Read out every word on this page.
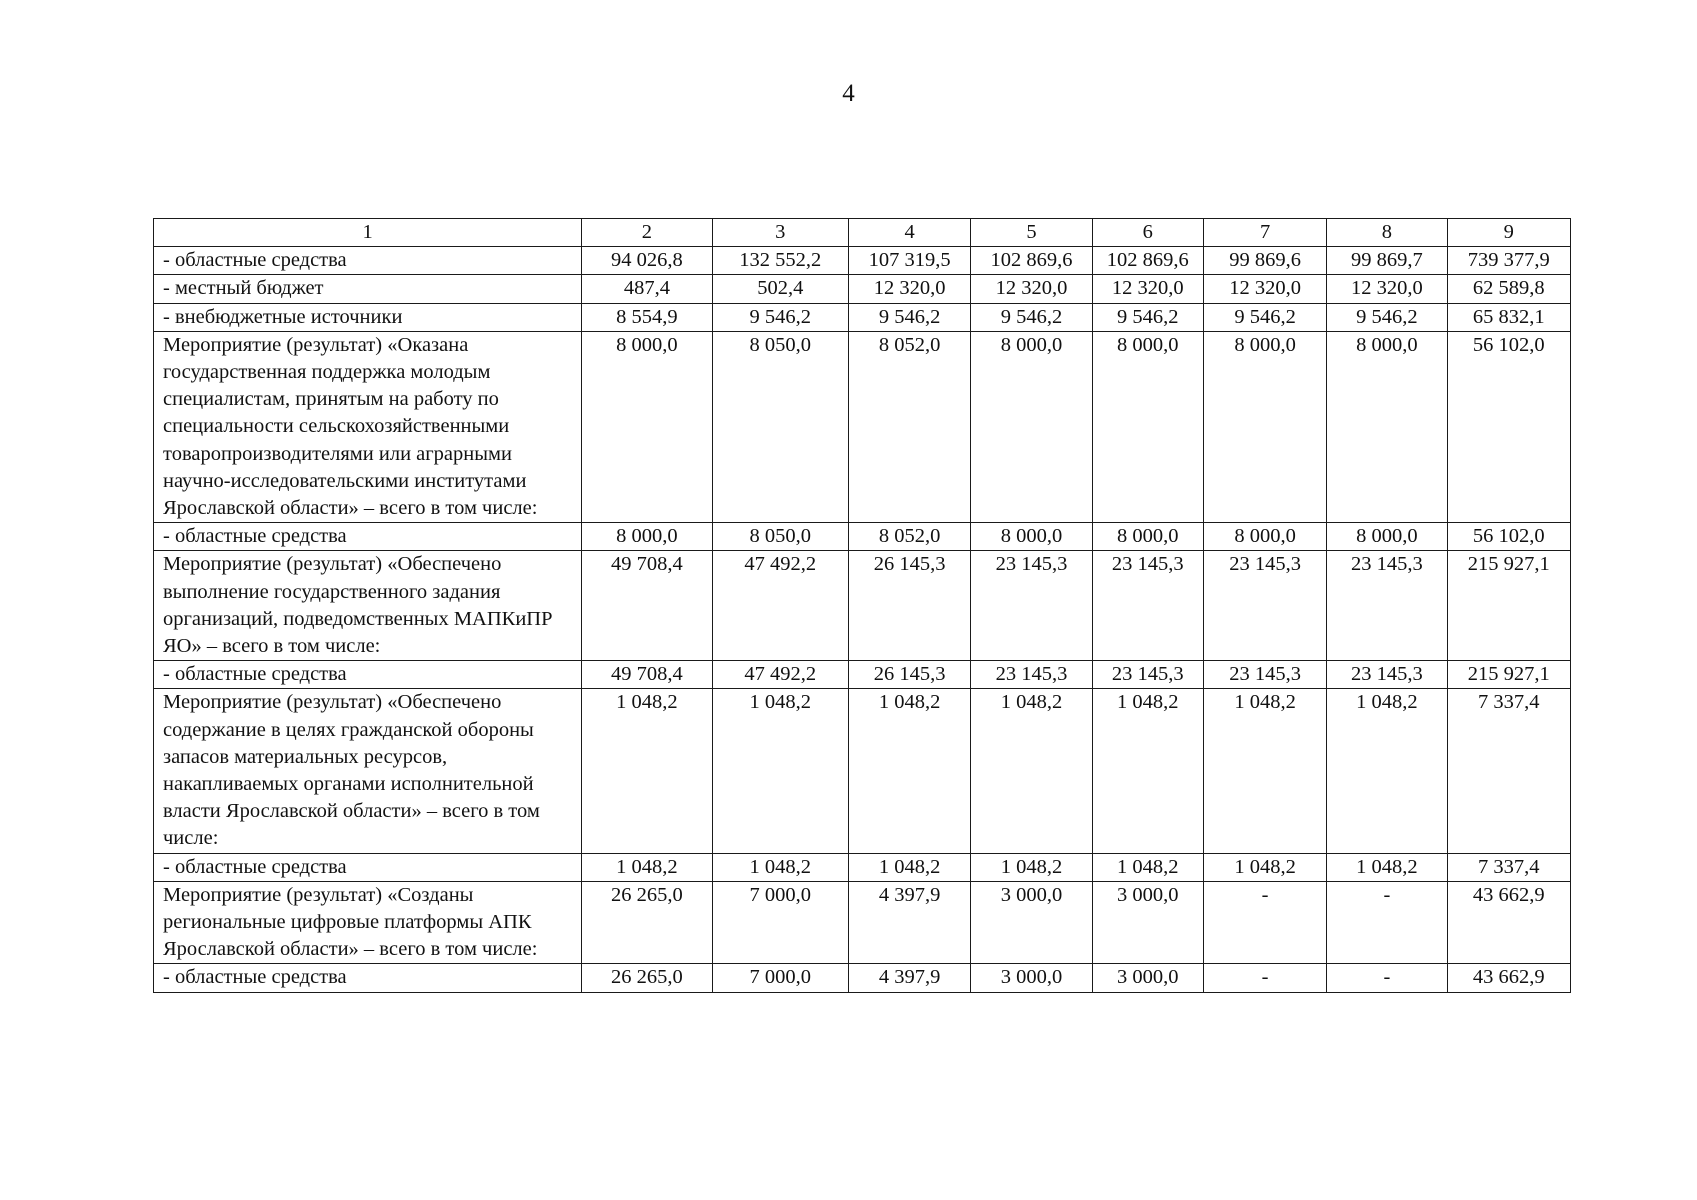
4
1	2	3	4	5	6	7	8	9
- областные средства	94 026,8	132 552,2	107 319,5	102 869,6	102 869,6	99 869,6	99 869,7	739 377,9
- местный бюджет	487,4	502,4	12 320,0	12 320,0	12 320,0	12 320,0	12 320,0	62 589,8
- внебюджетные источники	8 554,9	9 546,2	9 546,2	9 546,2	9 546,2	9 546,2	9 546,2	65 832,1
Мероприятие (результат) «Оказана государственная поддержка молодым специалистам, принятым на работу по специальности сельскохозяйственными товаропроизводителями или аграрными научно-исследовательскими институтами Ярославской области» – всего в том числе:	8 000,0	8 050,0	8 052,0	8 000,0	8 000,0	8 000,0	8 000,0	56 102,0
- областные средства	8 000,0	8 050,0	8 052,0	8 000,0	8 000,0	8 000,0	8 000,0	56 102,0
Мероприятие (результат) «Обеспечено выполнение государственного задания организаций, подведомственных МАПКиПР ЯО» – всего в том числе:	49 708,4	47 492,2	26 145,3	23 145,3	23 145,3	23 145,3	23 145,3	215 927,1
- областные средства	49 708,4	47 492,2	26 145,3	23 145,3	23 145,3	23 145,3	23 145,3	215 927,1
Мероприятие (результат) «Обеспечено содержание в целях гражданской обороны запасов материальных ресурсов, накапливаемых органами исполнительной власти Ярославской области» – всего в том числе:	1 048,2	1 048,2	1 048,2	1 048,2	1 048,2	1 048,2	1 048,2	7 337,4
- областные средства	1 048,2	1 048,2	1 048,2	1 048,2	1 048,2	1 048,2	1 048,2	7 337,4
Мероприятие (результат) «Созданы региональные цифровые платформы АПК Ярославской области» – всего в том числе:	26 265,0	7 000,0	4 397,9	3 000,0	3 000,0	-	-	43 662,9
- областные средства	26 265,0	7 000,0	4 397,9	3 000,0	3 000,0	-	-	43 662,9
